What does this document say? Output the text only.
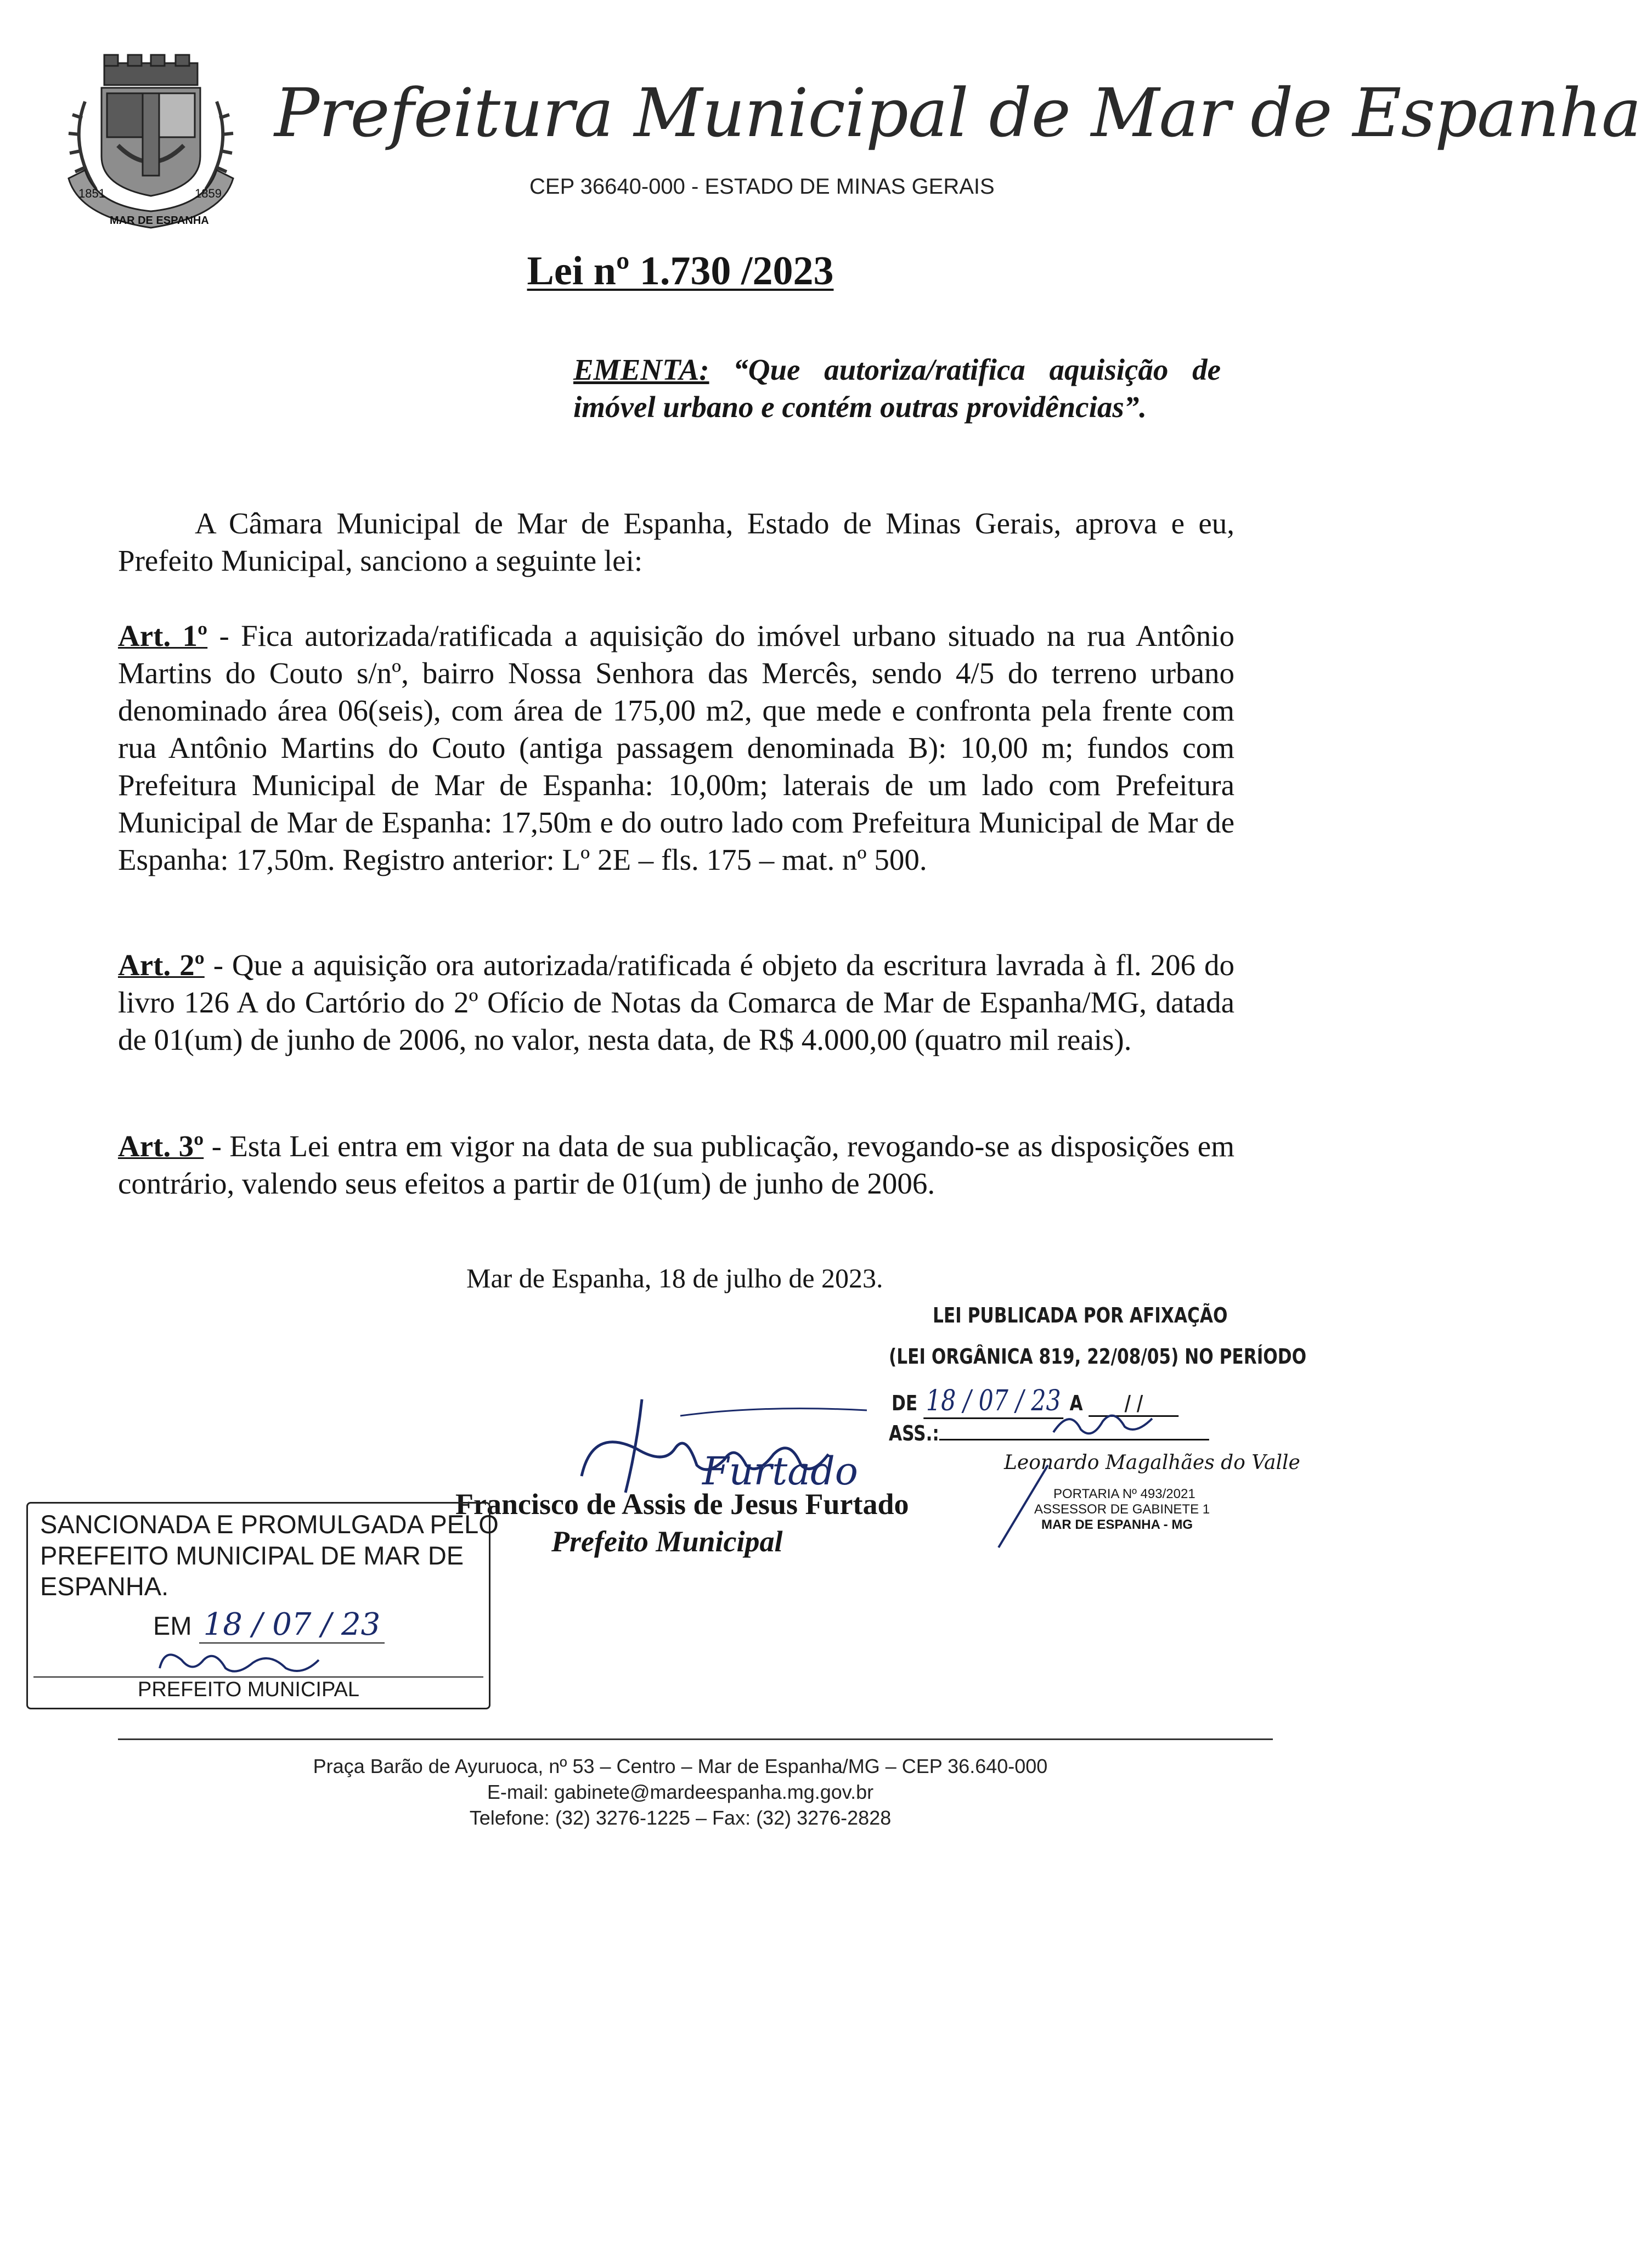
1851	1859
MAR DE ESPANHA
Prefeitura Municipal de Mar de Espanha
CEP 36640-000 - ESTADO DE MINAS GERAIS
Lei nº 1.730 /2023
EMENTA: “Que autoriza/ratifica aquisição de imóvel urbano e contém outras providências”.
A Câmara Municipal de Mar de Espanha, Estado de Minas Gerais, aprova e eu, Prefeito Municipal, sanciono a seguinte lei:
Art. 1º - Fica autorizada/ratificada a aquisição do imóvel urbano situado na rua Antônio Martins do Couto s/nº, bairro Nossa Senhora das Mercês, sendo 4/5 do terreno urbano denominado área 06(seis), com área de 175,00 m2, que mede e confronta pela frente com rua Antônio Martins do Couto (antiga passagem denominada B): 10,00 m; fundos com Prefeitura Municipal de Mar de Espanha: 10,00m; laterais de um lado com Prefeitura Municipal de Mar de Espanha: 17,50m e do outro lado com Prefeitura Municipal de Mar de Espanha: 17,50m. Registro anterior: Lº 2E – fls. 175 – mat. nº 500.
Art. 2º - Que a aquisição ora autorizada/ratificada é objeto da escritura lavrada à fl. 206 do livro 126 A do Cartório do 2º Ofício de Notas da Comarca de Mar de Espanha/MG, datada de 01(um) de junho de 2006, no valor, nesta data, de R$ 4.000,00 (quatro mil reais).
Art. 3º - Esta Lei entra em vigor na data de sua publicação, revogando-se as disposições em contrário, valendo seus efeitos a partir de 01(um) de junho de 2006.
Mar de Espanha, 18 de julho de 2023.
LEI PUBLICADA POR AFIXAÇÃO
(LEI ORGÂNICA 819, 22/08/05) NO PERÍODO
DE 18 / 07 / 23 A / /
ASS.:
Leonardo Magalhães do Valle
PORTARIA Nº 493/2021
ASSESSOR DE GABINETE 1
MAR DE ESPANHA - MG
Furtado
Francisco de Assis de Jesus Furtado
Prefeito Municipal
SANCIONADA E PROMULGADA PELO
PREFEITO MUNICIPAL DE MAR DE
ESPANHA.
EM 18 / 07 / 23
PREFEITO MUNICIPAL
Praça Barão de Ayuruoca, nº 53 – Centro – Mar de Espanha/MG – CEP 36.640-000
E-mail: gabinete@mardeespanha.mg.gov.br
Telefone: (32) 3276-1225 – Fax: (32) 3276-2828
